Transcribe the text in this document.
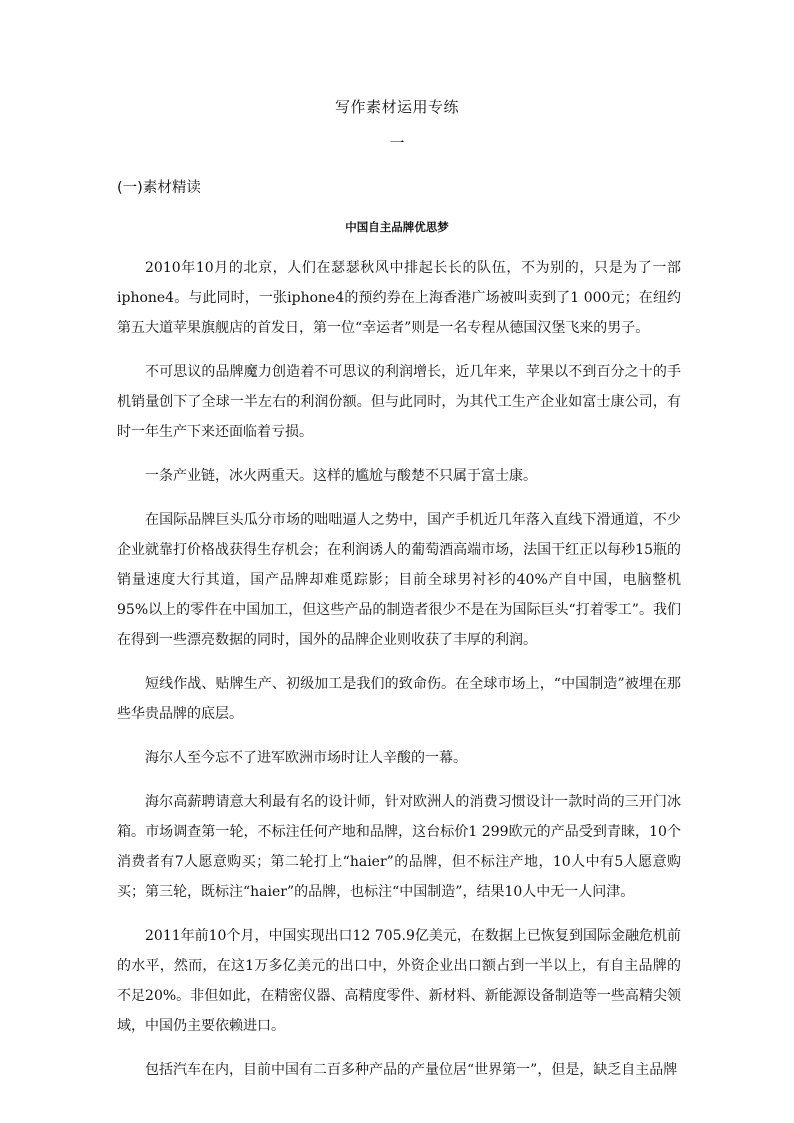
写作素材运用专练
一
(一)素材精读
中国自主品牌优思梦

2010年10月的北京，人们在瑟瑟秋风中排起长长的队伍，不为别的，只是为了一部iphone4。与此同时，一张iphone4的预约券在上海香港广场被叫卖到了1 000元；在纽约第五大道苹果旗舰店的首发日，第一位“幸运者”则是一名专程从德国汉堡飞来的男子。

不可思议的品牌魔力创造着不可思议的利润增长，近几年来，苹果以不到百分之十的手机销量创下了全球一半左右的利润份额。但与此同时，为其代工生产企业如富士康公司，有时一年生产下来还面临着亏损。

一条产业链，冰火两重天。这样的尴尬与酸楚不只属于富士康。

在国际品牌巨头瓜分市场的咄咄逼人之势中，国产手机近几年落入直线下滑通道，不少企业就靠打价格战获得生存机会；在利润诱人的葡萄酒高端市场，法国干红正以每秒15瓶的销量速度大行其道，国产品牌却难觅踪影；目前全球男衬衫的40%产自中国，电脑整机95%以上的零件在中国加工，但这些产品的制造者很少不是在为国际巨头“打着零工”。我们在得到一些漂亮数据的同时，国外的品牌企业则收获了丰厚的利润。

短线作战、贴牌生产、初级加工是我们的致命伤。在全球市场上，“中国制造”被埋在那些华贵品牌的底层。

海尔人至今忘不了进军欧洲市场时让人辛酸的一幕。

海尔高薪聘请意大利最有名的设计师，针对欧洲人的消费习惯设计一款时尚的三开门冰箱。市场调查第一轮，不标注任何产地和品牌，这台标价1 299欧元的产品受到青睐，10个消费者有7人愿意购买；第二轮打上“haier”的品牌，但不标注产地，10人中有5人愿意购买；第三轮，既标注“haier”的品牌，也标注“中国制造”，结果10人中无一人问津。

2011年前10个月，中国实现出口12 705.9亿美元，在数据上已恢复到国际金融危机前的水平，然而，在这1万多亿美元的出口中，外资企业出口额占到一半以上，有自主品牌的不足20%。非但如此，在精密仪器、高精度零件、新材料、新能源设备制造等一些高精尖领域，中国仍主要依赖进口。

包括汽车在内，目前中国有二百多种产品的产量位居“世界第一”，但是，缺乏自主品牌
